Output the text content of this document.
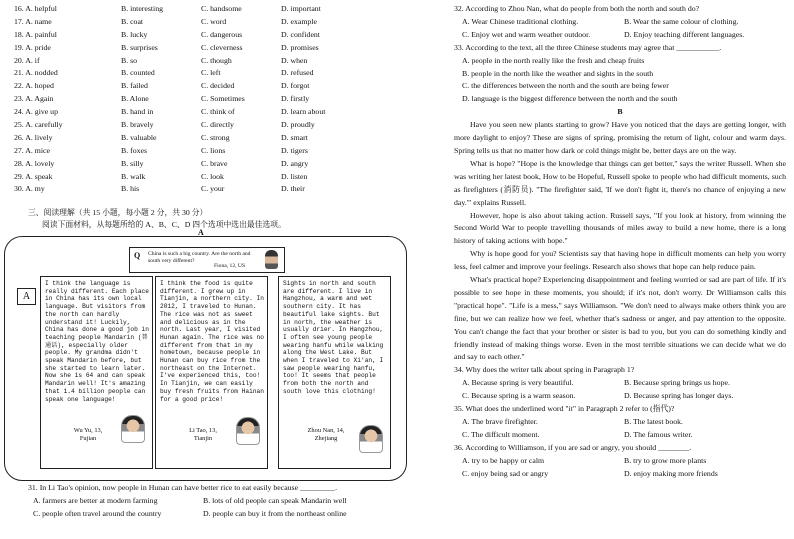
16. A. helpful	B. interesting	C. handsome	D. important
17. A. name	B. coat	C. word	D. example
18. A. painful	B. lucky	C. dangerous	D. confident
19. A. pride	B. surprises	C. cleverness	D. promises
20. A. if	B. so	C. though	D. when
21. A. nodded	B. counted	C. left	D. refused
22. A. hoped	B. failed	C. decided	D. forgot
23. A. Again	B. Alone	C. Sometimes	D. firstly
24. A. give up	B. hand in	C. think of	D. learn about
25. A. carefully	B. bravely	C. directly	D. proudly
26. A. lively	B. valuable	C. strong	D. smart
27. A. mice	B. foxes	C. lions	D. tigers
28. A. lovely	B. silly	C. brave	D. angry
29. A. speak	B. walk	C. look	D. listen
30. A. my	B. his	C. your	D. their
三、阅读理解（共 15 小题，每小题 2 分，共 30 分）
阅读下面材料，从每题所给的 A、B、C、D 四个选项中选出最佳选项。
A
A
Q China is such a big country. Are the north and south very different?
Fiona, 12, US
I think the language is really different. Each place in China has its own local language. But visitors from the north can hardly understand it! Luckily, China has done a good job in teaching people Mandarin (普通话), especially older people. My grandma didn't speak Mandarin before, but she started to learn later. Now she is 64 and can speak Mandarin well! It's amazing that 1.4 billion people can speak one language!
Wu Yu, 13,
Fujian
I think the food is quite different. I grew up in Tianjin, a northern city. In 2012, I traveled to Hunan. The rice was not as sweet and delicious as in the north. Last year, I visited Hunan again. The rice was no different from that in my hometown, because people in Hunan can buy rice from the northeast on the Internet. I've experienced this, too! In Tianjin, we can easily buy fresh fruits from Hainan for a good price!
Li Tao, 13,
Tianjin
Sights in north and south are different. I live in Hangzhou, a warm and wet southern city. It has beautiful lake sights. But in north, the weather is usually drier. In Hangzhou, I often see young people wearing hanfu while walking along the West Lake. But when I traveled to Xi'an, I saw people wearing hanfu, too! It seems that people from both the north and south love this clothing!
Zhou Nan, 14,
Zhejiang
31. In Li Tao's opinion, now people in Hunan can have better rice to eat easily because _________.
A. farmers are better at modern farming	B. lots of old people can speak Mandarin well
C. people often travel around the country	D. people can buy it from the northeast online
32. According to Zhou Nan, what do people from both the north and south do?
A. Wear Chinese traditional clothing.	B. Wear the same colour of clothing.
C. Enjoy wet and warm weather outdoor.	D. Enjoy teaching different languages.
33. According to the text, all the three Chinese students may agree that ___________.
A. people in the north really like the fresh and cheap fruits
B. people in the north like the weather and sights in the south
C. the differences between the north and the south are being fewer
D. language is the biggest difference between the north and the south
B

Have you seen new plants starting to grow? Have you noticed that the days are getting longer, with more daylight to enjoy? These are signs of spring, promising the return of light, colour and warm days. Spring tells us that no matter how dark or cold things might be, better days are on the way.

What is hope? "Hope is the knowledge that things can get better," says the writer Russell. When she was writing her latest book, How to be Hopeful, Russell spoke to people who had difficult moments, such as firefighters (消防员). "The firefighter said, 'If we don't fight it, there's no chance of enjoying a new day.'" explains Russell.

However, hope is also about taking action. Russell says, "If you look at history, from winning the Second World War to people travelling thousands of miles away to build a new home, there is a long history of taking actions with hope."

Why is hope good for you? Scientists say that having hope in difficult moments can help you worry less, feel calmer and improve your feelings. Research also shows that hope can help reduce pain.

What's practical hope? Experiencing disappointment and feeling worried or sad are part of life. If it's possible to see hope in these moments, you should; if it's not, don't worry. Dr Williamson calls this "practical hope". "Life is a mess," says Williamson. "We don't need to always make others think you are fine, but we can realize how we feel, whether that's sadness or anger, and pay attention to the opposite. You can't change the fact that your brother or sister is bad to you, but you can do something kindly and friendly instead of making things worse. Even in the most terrible situations we can decide what we do and say to each other."

34. Why does the writer talk about spring in Paragraph 1?
A. Because spring is very beautiful.	B. Because spring brings us hope.
C. Because spring is a warm season.	D. Because spring has longer days.
35. What does the underlined word "it" in Paragraph 2 refer to (指代)?
A. The brave firefighter.	B. The latest book.
C. The difficult moment.	D. The famous writer.
36. According to Williamson, if you are sad or angry, you should ________.
A. try to be happy or calm	B. try to grow more plants
C. enjoy being sad or angry	D. enjoy making more friends
